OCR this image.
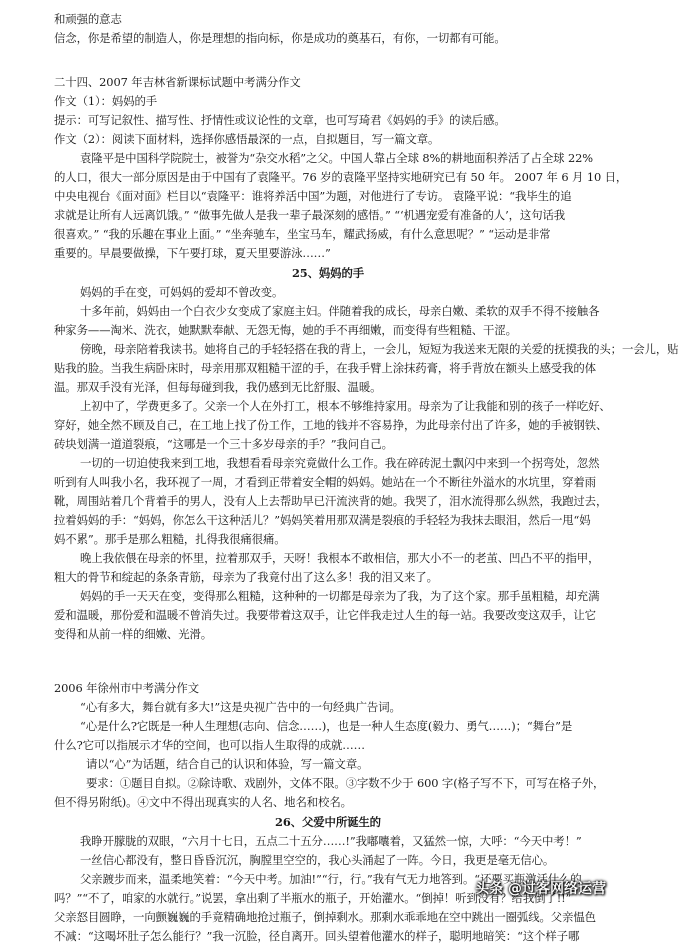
和顽强的意志
信念，你是希望的制造人，你是理想的指向标，你是成功的奠基石，有你，一切都有可能。
二十四、2007 年吉林省新课标试题中考满分作文
作文（1）：妈妈的手
提示：可写记叙性、描写性、抒情性或议论性的文章，也可写琦君《妈妈的手》的读后感。
作文（2）：阅读下面材料，选择你感悟最深的一点，自拟题目，写一篇文章。
袁隆平是中国科学院院士，被誉为“杂交水稻”之父。中国人靠占全球 8%的耕地面积养活了占全球 22%
的人口，很大一部分原因是由于中国有了袁隆平。76 岁的袁隆平坚持实地研究已有 50 年。 2007 年 6 月 10 日，
中央电视台《面对面》栏目以“袁隆平：谁将养活中国”为题，对他进行了专访。 袁隆平说：“我毕生的追
求就是让所有人远离饥饿。” “做事先做人是我一辈子最深刻的感悟。” “‘机遇宠爱有准备的人’，这句话我
很喜欢。” “我的乐趣在事业上面。” “坐奔驰车，坐宝马车，耀武扬威，有什么意思呢？” “运动是非常
重要的。早晨要做操，下午要打球，夏天里要游泳……”
25、妈妈的手
妈妈的手在变，可妈妈的爱却不曾改变。
十多年前，妈妈由一个白衣少女变成了家庭主妇。伴随着我的成长，母亲白嫩、柔软的双手不得不接触各
种家务——淘米、洗衣，她默默奉献、无怨无悔，她的手不再细嫩，而变得有些粗糙、干涩。
傍晚，母亲陪着我读书。她将自己的手轻轻搭在我的背上，一会儿，短短为我送来无限的关爱的抚摸我的头；一会儿，贴
贴我的脸。当我生病卧床时，母亲用那双粗糙干涩的手，在我手臂上涂抹药膏，将手背放在额头上感受我的体
温。那双手没有光泽，但每每碰到我，我仍感到无比舒服、温暖。
上初中了，学费更多了。父亲一个人在外打工，根本不够维持家用。母亲为了让我能和别的孩子一样吃好、
穿好，她全然不顾及自己，在工地上找了份工作，工地的钱并不容易挣，为此母亲付出了许多，她的手被钢铁、
砖块划满一道道裂痕，“这哪是一个三十多岁母亲的手？”我问自己。
一切的一切迫使我来到工地，我想看看母亲究竟做什么工作。我在碎砖泥土飘闪中来到一个拐弯处，忽然
听到有人叫我小名，我环视了一周，才看到正带着安全帽的妈妈。她站在一个不断往外溢水的水坑里，穿着雨
靴，周围站着几个背着手的男人，没有人上去帮助早已汗流浃背的她。我哭了，泪水流得那么纵然，我跑过去，
拉着妈妈的手：“妈妈，你怎么干这种活儿？”妈妈笑着用那双满是裂痕的手轻轻为我抹去眼泪，然后一甩“妈
妈不累”。那手是那么粗糙，扎得我很痛很痛。
晚上我依偎在母亲的怀里，拉着那双手，天呀！我根本不敢相信，那大小不一的老茧、凹凸不平的指甲，
粗大的骨节和绽起的条条青筋，母亲为了我竟付出了这么多！我的泪又来了。
妈妈的手一天天在变，变得那么粗糙，这种种的一切都是母亲为了我，为了这个家。那手虽粗糙，却充满
爱和温暖，那份爱和温暖不曾消失过。我要带着这双手，让它伴我走过人生的每一站。我要改变这双手，让它
变得和从前一样的细嫩、光滑。
2006 年徐州市中考满分作文
“心有多大，舞台就有多大!”这是央视广告中的一句经典广告词。
“心是什么?它既是一种人生理想(志向、信念……)，也是一种人生态度(毅力、勇气……)；“舞台”是
什么?它可以指展示才华的空间，也可以指人生取得的成就……
请以“心”为话题，结合自己的认识和体验，写一篇文章。
要求：①题目自拟。②除诗歌、戏剧外，文体不限。③字数不少于 600 字(格子写不下，可写在格子外，
但不得另附纸)。④文中不得出现真实的人名、地名和校名。
26、父爱中所诞生的
我睁开朦胧的双眼，“六月十七日，五点二十五分……!”我嘟囔着，又猛然一惊，大呼：“今天中考！”
一丝信心都没有，整日昏昏沉沉，胸膛里空空的，我心头涌起了一阵。今日，我更是毫无信心。
父亲踱步而来，温柔地笑着：“今天中考。加油!”“行，行。”我有气无力地答到。“还要买瓶激活什么的
吗？”“不了，咱家的水就行。”说罢，拿出剩了半瓶水的瓶子，开始灌水。“倒掉！听到没有？给我倒了!!”
父亲怒目圆睁，一向颤巍巍的手竟精确地抢过瓶子，倒掉剩水。那剩水乖乖地在空中跳出一圈弧线。父亲愠色
不减：“这喝坏肚子怎么能行？”我一沉脸，径自离开。回头望着他灌水的样子，聪明地暗笑：“这个样子哪
头条 @过客网络运营
